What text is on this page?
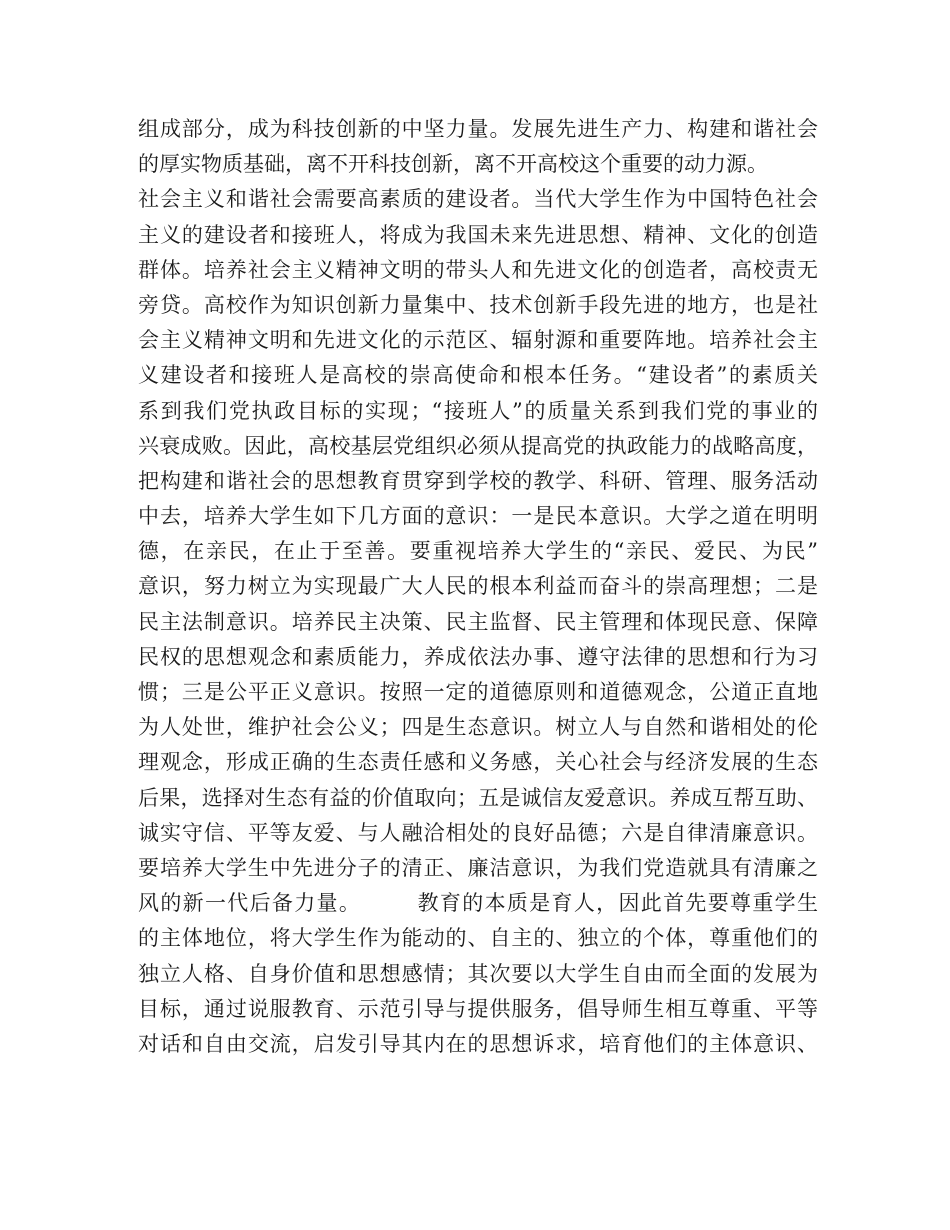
组成部分，成为科技创新的中坚力量。发展先进生产力、构建和谐社会
的厚实物质基础，离不开科技创新，离不开高校这个重要的动力源。
社会主义和谐社会需要高素质的建设者。当代大学生作为中国特色社会
主义的建设者和接班人，将成为我国未来先进思想、精神、文化的创造
群体。培养社会主义精神文明的带头人和先进文化的创造者，高校责无
旁贷。高校作为知识创新力量集中、技术创新手段先进的地方，也是社
会主义精神文明和先进文化的示范区、辐射源和重要阵地。培养社会主
义建设者和接班人是高校的崇高使命和根本任务。“建设者”的素质关
系到我们党执政目标的实现；“接班人”的质量关系到我们党的事业的
兴衰成败。因此，高校基层党组织必须从提高党的执政能力的战略高度，
把构建和谐社会的思想教育贯穿到学校的教学、科研、管理、服务活动
中去，培养大学生如下几方面的意识：一是民本意识。大学之道在明明
德，在亲民，在止于至善。要重视培养大学生的“亲民、爱民、为民”
意识，努力树立为实现最广大人民的根本利益而奋斗的崇高理想；二是
民主法制意识。培养民主决策、民主监督、民主管理和体现民意、保障
民权的思想观念和素质能力，养成依法办事、遵守法律的思想和行为习
惯；三是公平正义意识。按照一定的道德原则和道德观念，公道正直地
为人处世，维护社会公义；四是生态意识。树立人与自然和谐相处的伦
理观念，形成正确的生态责任感和义务感，关心社会与经济发展的生态
后果，选择对生态有益的价值取向；五是诚信友爱意识。养成互帮互助、
诚实守信、平等友爱、与人融洽相处的良好品德；六是自律清廉意识。
要培养大学生中先进分子的清正、廉洁意识，为我们党造就具有清廉之
风的新一代后备力量。　　　教育的本质是育人，因此首先要尊重学生
的主体地位，将大学生作为能动的、自主的、独立的个体，尊重他们的
独立人格、自身价值和思想感情；其次要以大学生自由而全面的发展为
目标，通过说服教育、示范引导与提供服务，倡导师生相互尊重、平等
对话和自由交流，启发引导其内在的思想诉求，培育他们的主体意识、
